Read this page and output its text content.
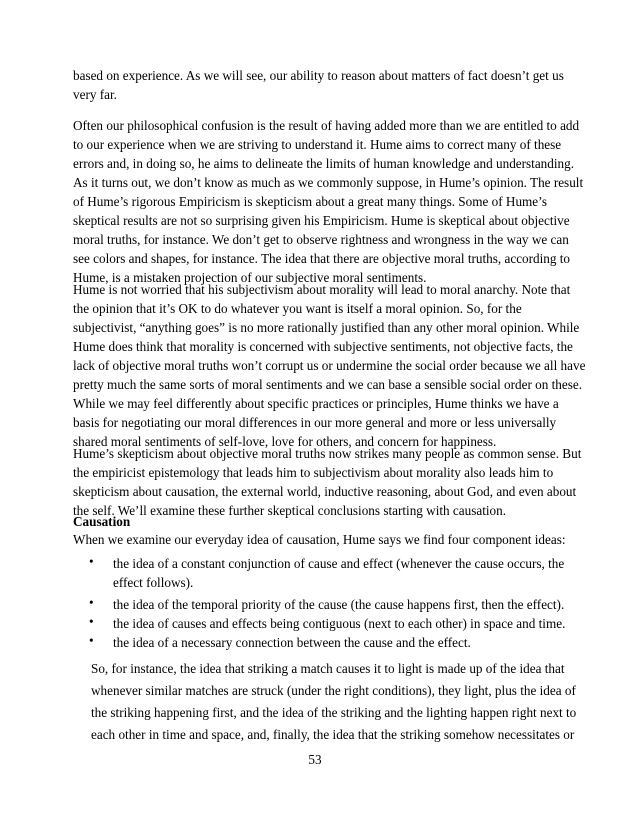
based on experience. As we will see, our ability to reason about matters of fact doesn’t get us
very far.
Often our philosophical confusion is the result of having added more than we are entitled to add
to our experience when we are striving to understand it. Hume aims to correct many of these
errors and, in doing so, he aims to delineate the limits of human knowledge and understanding.
As it turns out, we don’t know as much as we commonly suppose, in Hume’s opinion. The result
of Hume’s rigorous Empiricism is skepticism about a great many things. Some of Hume’s
skeptical results are not so surprising given his Empiricism. Hume is skeptical about objective
moral truths, for instance. We don’t get to observe rightness and wrongness in the way we can
see colors and shapes, for instance. The idea that there are objective moral truths, according to
Hume, is a mistaken projection of our subjective moral sentiments.
Hume is not worried that his subjectivism about morality will lead to moral anarchy. Note that
the opinion that it’s OK to do whatever you want is itself a moral opinion. So, for the
subjectivist, “anything goes” is no more rationally justified than any other moral opinion. While
Hume does think that morality is concerned with subjective sentiments, not objective facts, the
lack of objective moral truths won’t corrupt us or undermine the social order because we all have
pretty much the same sorts of moral sentiments and we can base a sensible social order on these.
While we may feel differently about specific practices or principles, Hume thinks we have a
basis for negotiating our moral differences in our more general and more or less universally
shared moral sentiments of self-love, love for others, and concern for happiness.
Hume’s skepticism about objective moral truths now strikes many people as common sense. But
the empiricist epistemology that leads him to subjectivism about morality also leads him to
skepticism about causation, the external world, inductive reasoning, about God, and even about
the self. We’ll examine these further skeptical conclusions starting with causation.
Causation
When we examine our everyday idea of causation, Hume says we find four component ideas:
• the idea of a constant conjunction of cause and effect (whenever the cause occurs, the
effect follows).
• the idea of the temporal priority of the cause (the cause happens first, then the effect).
• the idea of causes and effects being contiguous (next to each other) in space and time.
• the idea of a necessary connection between the cause and the effect.
So, for instance, the idea that striking a match causes it to light is made up of the idea that
whenever similar matches are struck (under the right conditions), they light, plus the idea of
the striking happening first, and the idea of the striking and the lighting happen right next to
each other in time and space, and, finally, the idea that the striking somehow necessitates or
53
